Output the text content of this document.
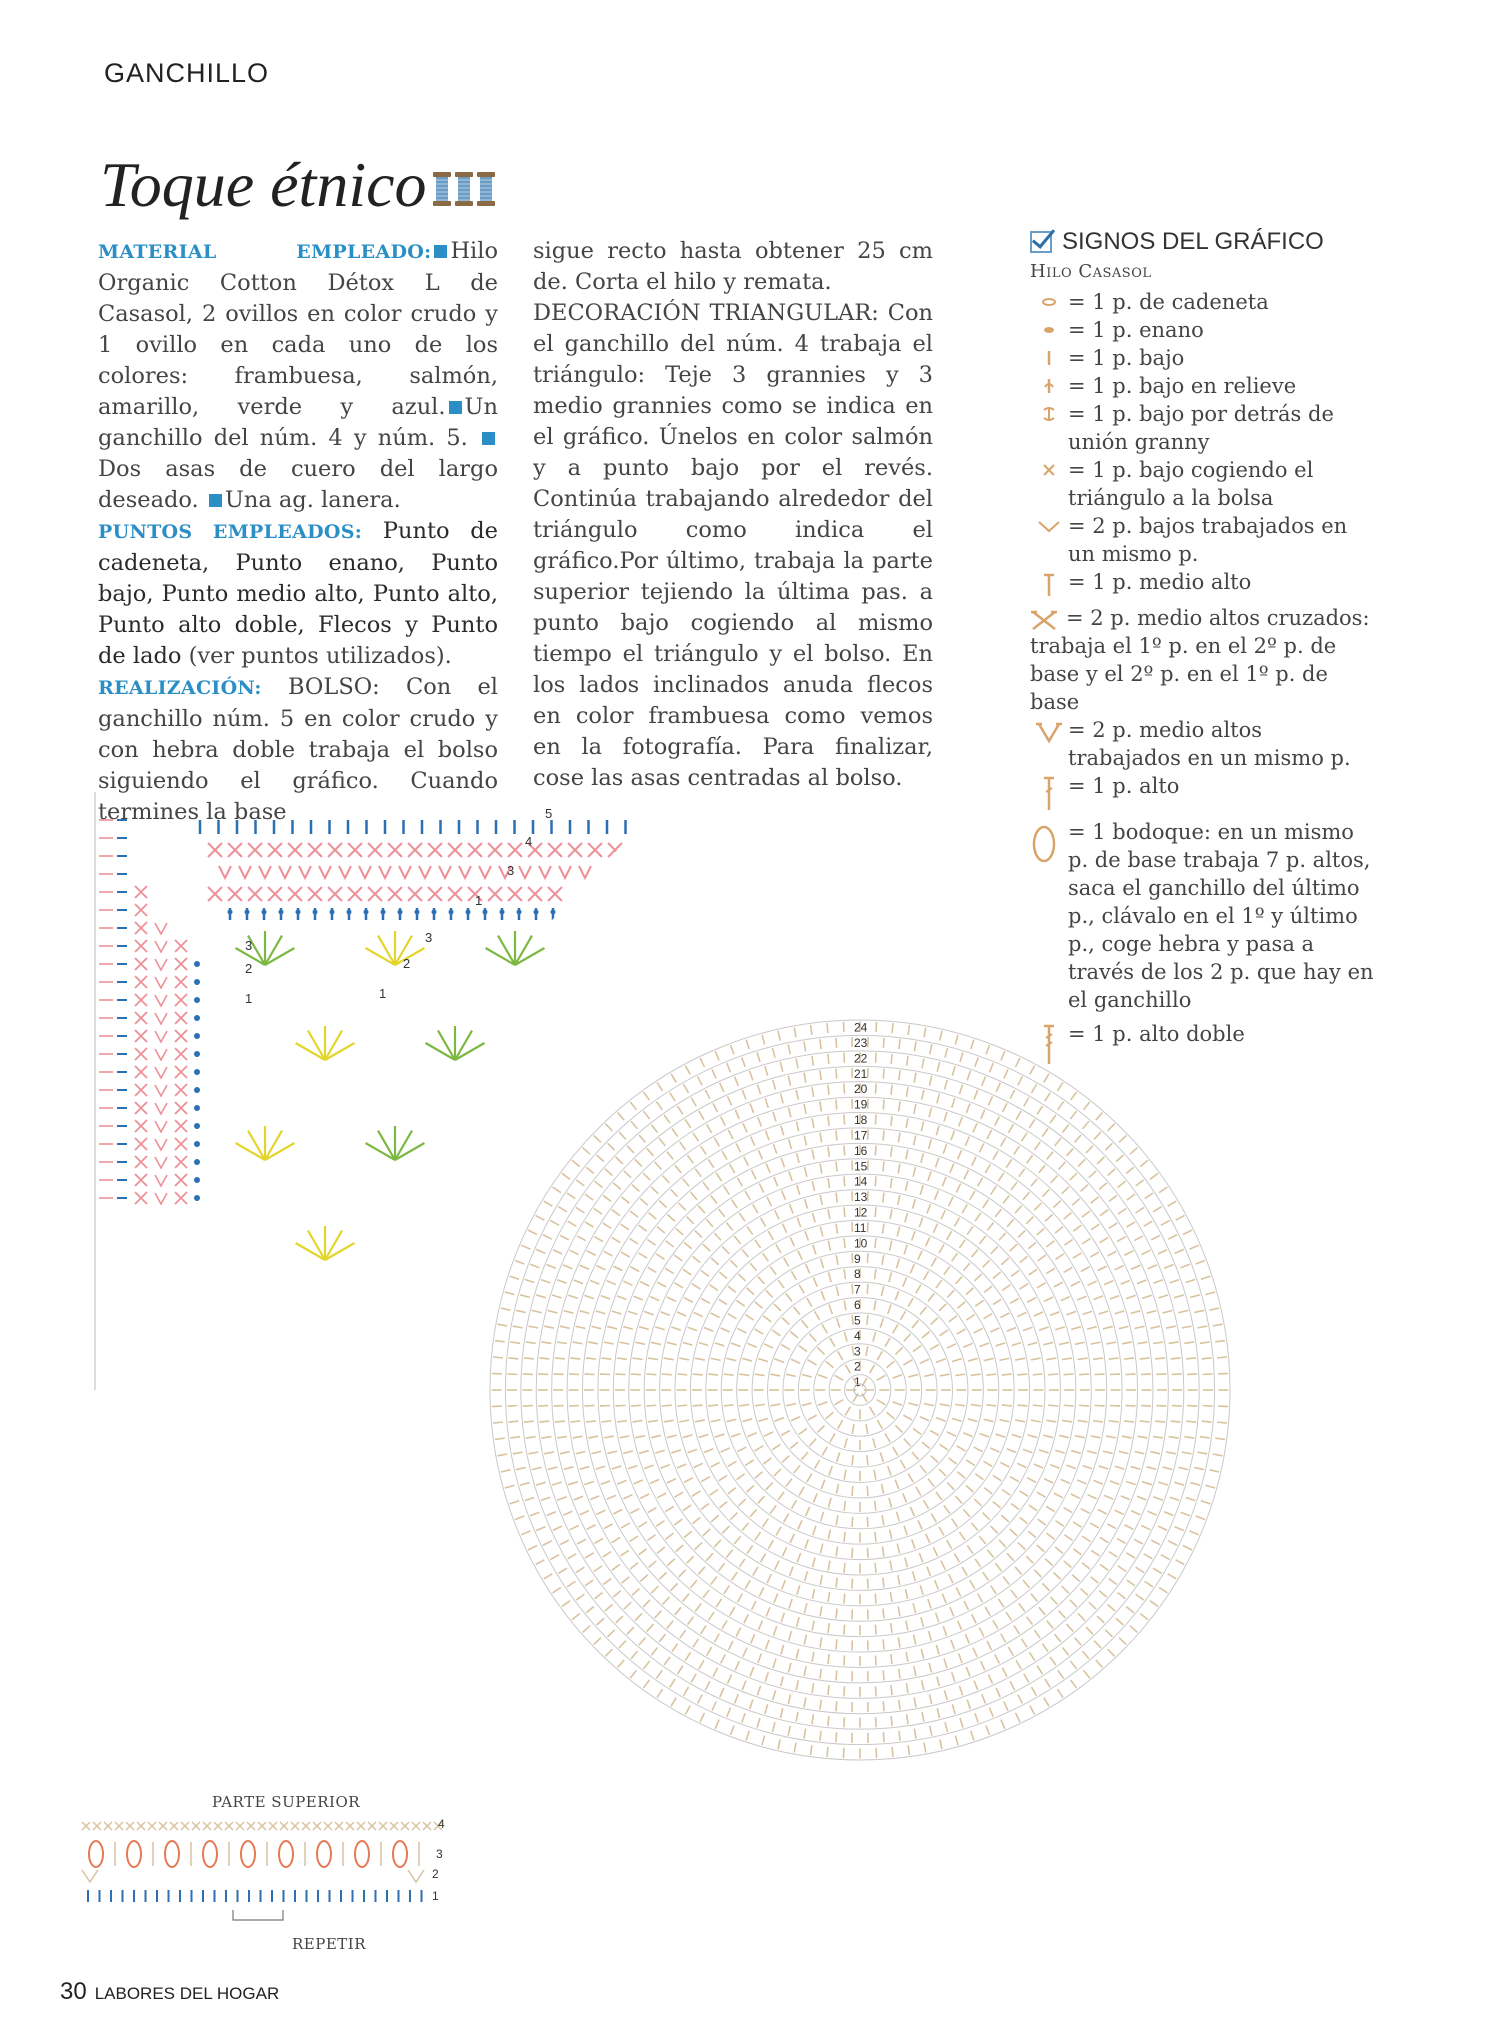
GANCHILLO
Toque étnico
MATERIAL EMPLEADO: Hilo Organic Cotton Détox L de Casasol, 2 ovillos en color crudo y 1 ovillo en cada uno de los colores: frambuesa, salmón, amarillo, verde y azul. Un ganchillo del núm. 4 y núm. 5. Dos asas de cuero del largo deseado. Una ag. lanera.
PUNTOS EMPLEADOS: Punto de cadeneta, Punto enano, Punto bajo, Punto medio alto, Punto alto, Punto alto doble, Flecos y Punto de lado (ver puntos utilizados).
REALIZACIÓN: BOLSO: Con el ganchillo núm. 5 en color crudo y con hebra doble trabaja el bolso siguiendo el gráfico. Cuando termines la base
sigue recto hasta obtener 25 cm de. Corta el hilo y remata.
DECORACIÓN TRIANGULAR: Con el ganchillo del núm. 4 trabaja el triángulo: Teje 3 grannies y 3 medio grannies como se indica en el gráfico. Únelos en color salmón y a punto bajo por el revés. Continúa trabajando alrededor del triángulo como indica el gráfico.Por último, trabaja la parte superior tejiendo la última pas. a punto bajo cogiendo al mismo tiempo el triángulo y el bolso. En los lados inclinados anuda flecos en color frambuesa como vemos en la fotografía. Para finalizar, cose las asas centradas al bolso.
SIGNOS DEL GRÁFICO
Hilo Casasol
= 1 p. de cadeneta
= 1 p. enano
= 1 p. bajo
= 1 p. bajo en relieve
= 1 p. bajo por detrás de unión granny
= 1 p. bajo cogiendo el triángulo a la bolsa
= 2 p. bajos trabajados en un mismo p.
= 1 p. medio alto
= 2 p. medio altos cruzados: trabaja el 1º p. en el 2º p. de base y el 2º p. en el 1º p. de base
= 2 p. medio altos trabajados en un mismo p.
= 1 p. alto
= 1 bodoque: en un mismo p. de base trabaja 7 p. altos, saca el ganchillo del último p., clávalo en el 1º y último p., coge hebra y pasa a través de los 2 p. que hay en el ganchillo
= 1 p. alto doble
5
4
3
1
3
2
1
3
2
1
1
2
3
4
5
6
7
8
9
10
11
12
13
14
15
16
17
18
19
20
21
22
23
24
PARTE SUPERIOR
4
3
2
1
REPETIR
30 LABORES DEL HOGAR
